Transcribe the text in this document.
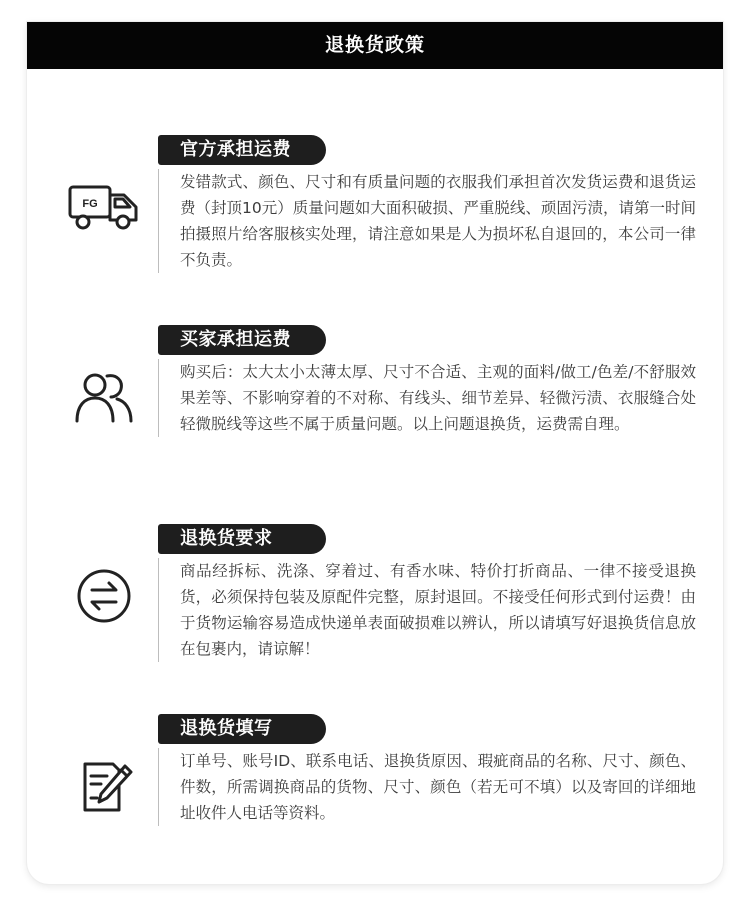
退换货政策
官方承担运费
FG
发错款式、颜色、尺寸和有质量问题的衣服我们承担首次发货运费和退货运费（封顶10元）质量问题如大面积破损、严重脱线、顽固污渍，请第一时间拍摄照片给客服核实处理，请注意如果是人为损坏私自退回的，本公司一律不负责。
买家承担运费
购买后：太大太小太薄太厚、尺寸不合适、主观的面料/做工/色差/不舒服效果差等、不影响穿着的不对称、有线头、细节差异、轻微污渍、衣服缝合处轻微脱线等这些不属于质量问题。以上问题退换货，运费需自理。
退换货要求
商品经拆标、洗涤、穿着过、有香水味、特价打折商品、一律不接受退换货，必须保持包装及原配件完整，原封退回。不接受任何形式到付运费！由于货物运输容易造成快递单表面破损难以辨认，所以请填写好退换货信息放在包裹内，请谅解！
退换货填写
订单号、账号ID、联系电话、退换货原因、瑕疵商品的名称、尺寸、颜色、件数，所需调换商品的货物、尺寸、颜色（若无可不填）以及寄回的详细地址收件人电话等资料。
